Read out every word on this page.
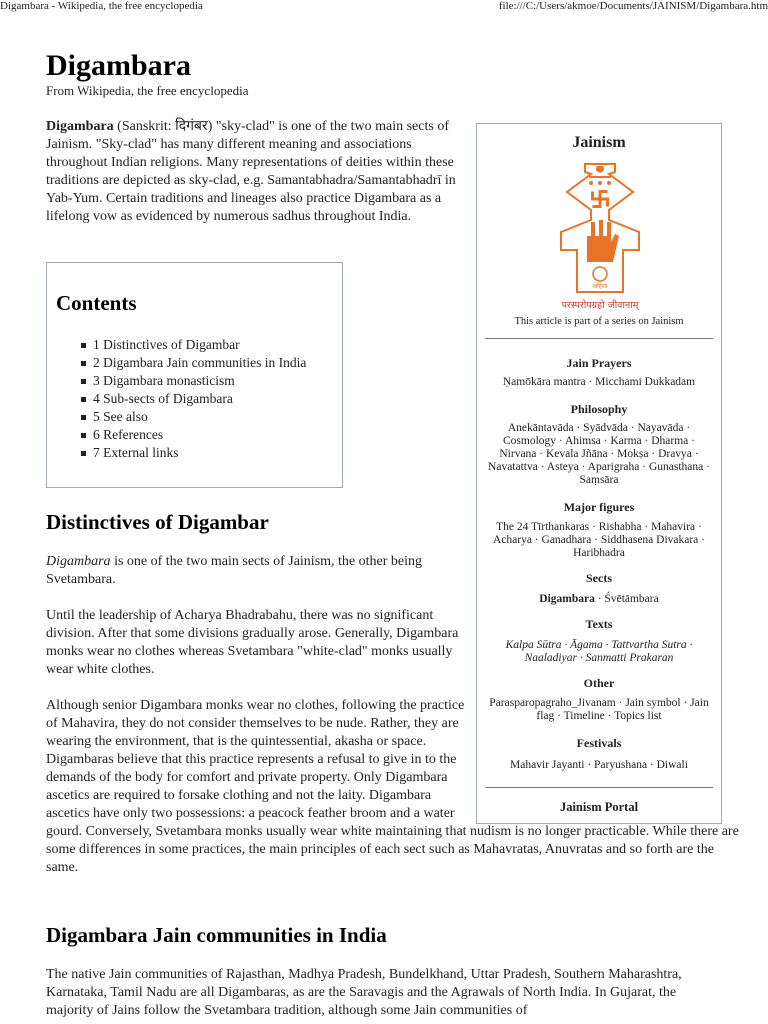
Digambara - Wikipedia, the free encyclopedia	file:///C:/Users/akmoe/Documents/JAINISM/Digambara.htm
Digambara
From Wikipedia, the free encyclopedia

Digambara (Sanskrit: दिगंबर) "sky-clad" is one of the two main sects of Jainism. "Sky-clad" has many different meaning and associations throughout Indian religions. Many representations of deities within these traditions are depicted as sky-clad, e.g. Samantabhadra/Samantabhadrī in Yab-Yum. Certain traditions and lineages also practice Digambara as a lifelong vow as evidenced by numerous sadhus throughout India.

Contents
1 Distinctives of Digambar
2 Digambara Jain communities in India
3 Digambara monasticism
4 Sub-sects of Digambara
5 See also
6 References
7 External links
Distinctives of Digambar

Digambara is one of the two main sects of Jainism, the other being Svetambara.

Until the leadership of Acharya Bhadrabahu, there was no significant division. After that some divisions gradually arose. Generally, Digambara monks wear no clothes whereas Svetambara "white-clad" monks usually wear white clothes.

Although senior Digambara monks wear no clothes, following the practice of Mahavira, they do not consider themselves to be nude. Rather, they are wearing the environment, that is the quintessential, akasha or space. Digambaras believe that this practice represents a refusal to give in to the demands of the body for comfort and private property. Only Digambara ascetics are required to forsake clothing and not the laity. Digambara ascetics have only two possessions: a peacock feather broom and a water
gourd. Conversely, Svetambara monks usually wear white maintaining that nudism is no longer practicable. While there are some differences in some practices, the main principles of each sect such as Mahavratas, Anuvratas and so forth are the same.

Digambara Jain communities in India

The native Jain communities of Rajasthan, Madhya Pradesh, Bundelkhand, Uttar Pradesh, Southern Maharashtra, Karnataka, Tamil Nadu are all Digambaras, as are the Saravagis and the Agrawals of North India. In Gujarat, the majority of Jains follow the Svetambara tradition, although some Jain communities of

Jainism
अहिंसा
परस्परोपग्रहो जीवानाम्
This article is part of a series on Jainism
Jain Prayers
Ṇamōkāra mantra · Micchami Dukkadam
Philosophy
Anekāntavāda · Syādvāda · Nayavāda · Cosmology · Ahimsa · Karma · Dharma · Nirvana · Kevala Jñāna · Mokṣa · Dravya · Navatattva · Asteya · Aparigraha · Gunasthana · Saṃsāra
Major figures
The 24 Tīrthankaras · Rishabha · Mahavira · Acharya · Ganadhara · Siddhasena Divakara · Haribhadra
Sects
Digambara · Śvētāmbara
Texts
Kalpa Sūtra · Āgama · Tattvartha Sutra · Naaladiyar · Sanmatti Prakaran
Other
Parasparopagraho_Jivanam · Jain symbol · Jain flag · Timeline · Topics list
Festivals
Mahavir Jayanti · Paryushana · Diwali
Jainism Portal
